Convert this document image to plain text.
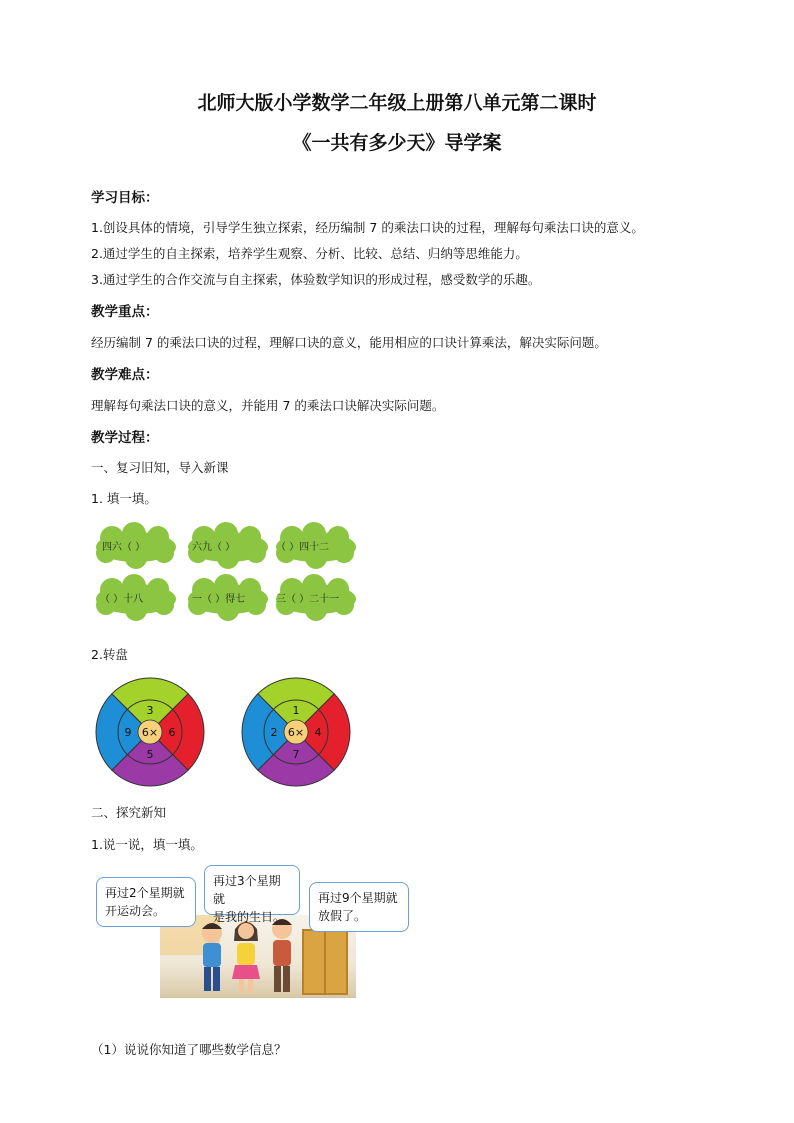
北师大版小学数学二年级上册第八单元第二课时
《一共有多少天》导学案
学习目标：
1.创设具体的情境，引导学生独立探索，经历编制 7 的乘法口诀的过程，理解每句乘法口诀的意义。
2.通过学生的自主探索，培养学生观察、分析、比较、总结、归纳等思维能力。
3.通过学生的合作交流与自主探索，体验数学知识的形成过程，感受数学的乐趣。
教学重点：
经历编制 7 的乘法口诀的过程，理解口诀的意义，能用相应的口诀计算乘法，解决实际问题。
教学难点：
理解每句乘法口诀的意义，并能用 7 的乘法口诀解决实际问题。
教学过程：
一、复习旧知，导入新课
1. 填一填。
四六（ ）	六九（ ）	（ ）四十二
（ ）十八	一（ ）得七	三（ ）二十一
2.转盘
6×
3
6
5
9	6×
1
4
7
2
二、探究新知
1.说一说，填一填。
再过2个星期就
开运动会。
再过3个星期就
是我的生日。
再过9个星期就
放假了。
（1）说说你知道了哪些数学信息？
